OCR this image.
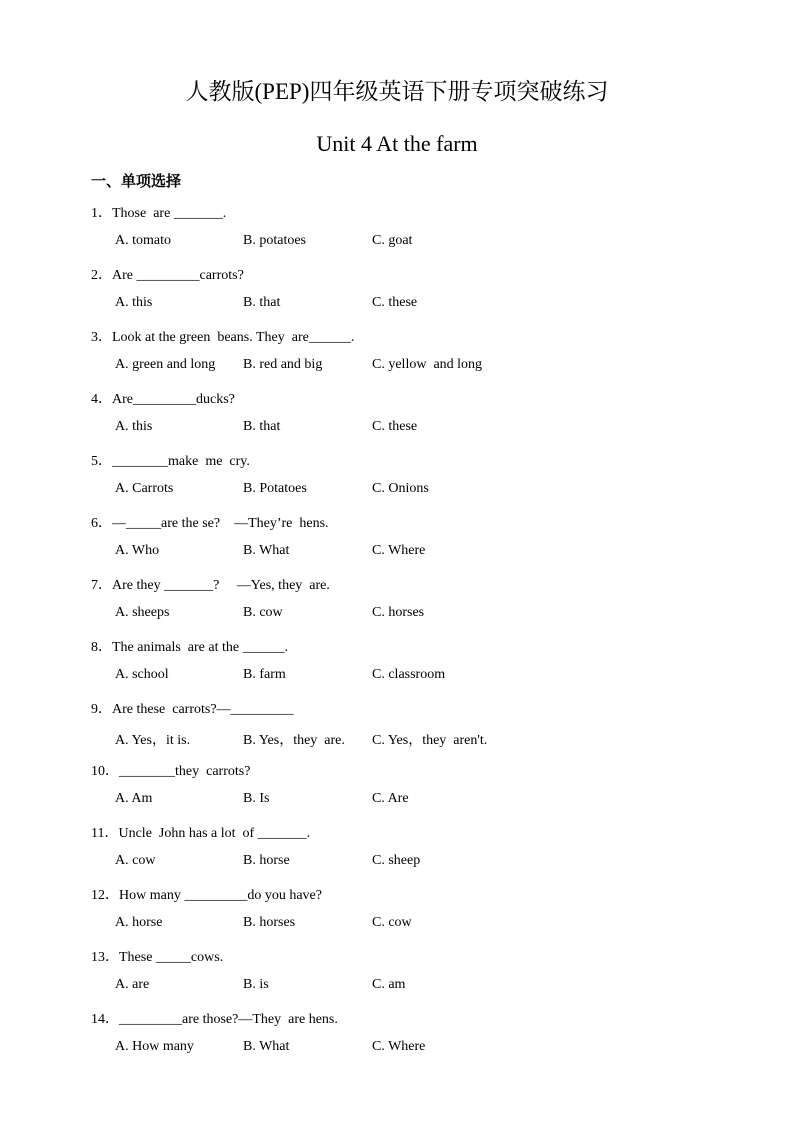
人教版(PEP)四年级英语下册专项突破练习
Unit 4 At the farm
一、单项选择
1．Those  are _______.
A. tomato	B. potatoes	C. goat
2．Are _________carrots?
A. this	B. that	C. these
3．Look at the green  beans. They  are______.
A. green and long B. red and big	C. yellow  and long
4．Are_________ducks?
A. this	B. that	C. these
5．________make  me  cry.
A. Carrots	B. Potatoes	C. Onions
6．—_____are the se?    —They’re  hens.
A. Who	B. What	C. Where
7．Are they _______?     —Yes, they  are.
A. sheeps	B. cow	C. horses
8．The animals  are at the ______.
A. school	B. farm	C. classroom
9．Are these  carrots?—_________
A. Yes，it is.	B. Yes，they  are. C. Yes，they  aren't.
10．________they  carrots?
A. Am	B. Is	C. Are
11．Uncle  John has a lot  of _______.
A. cow	B. horse	C. sheep
12．How many _________do you have?
A. horse	B. horses	C. cow
13．These _____cows.
A. are	B. is	C. am
14．_________are those?—They  are hens.
A. How many	B. What	C. Where
